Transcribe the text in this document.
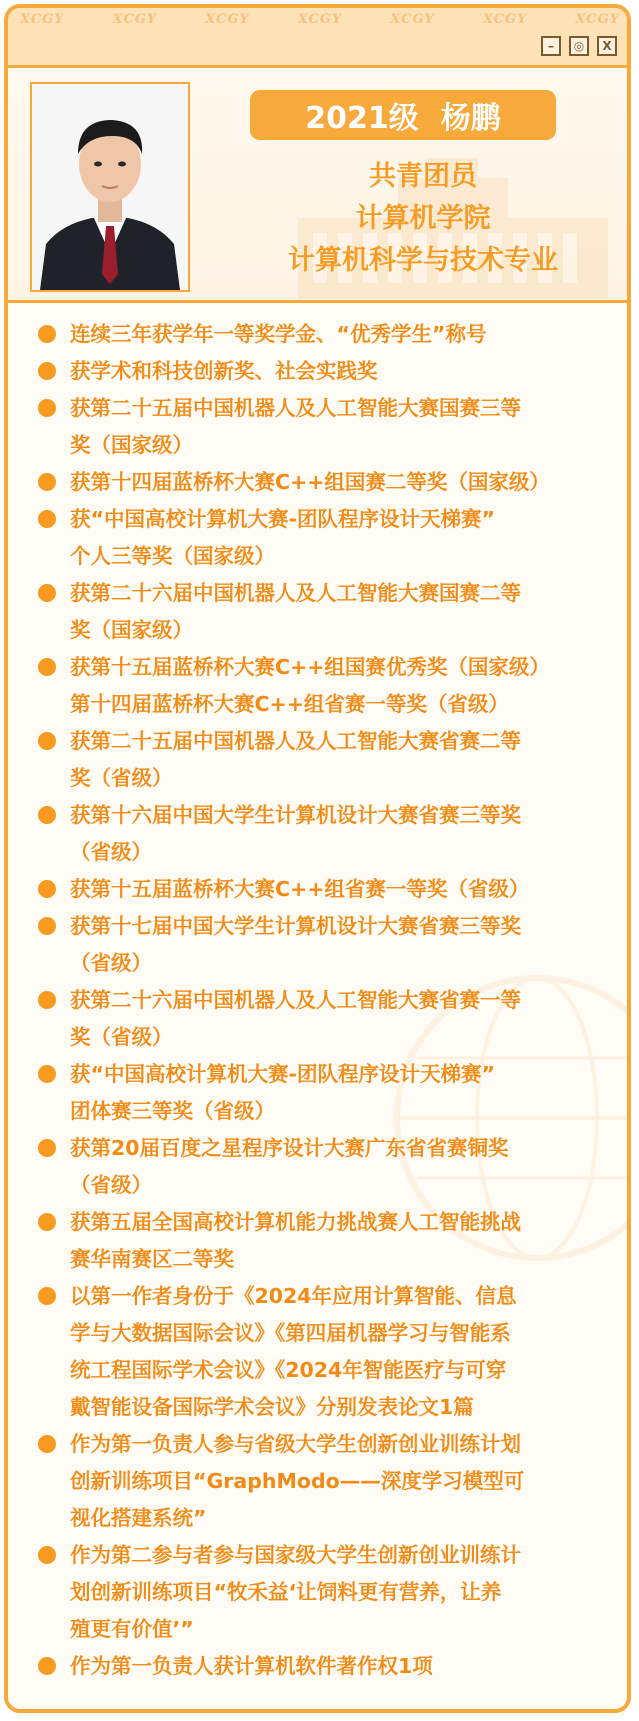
XCGY	XCGY	XCGY	XCGY	XCGY	XCGY	XCGY
–	◎	X
2021级 杨鹏
共青团员
计算机学院
计算机科学与技术专业
连续三年获学年一等奖学金、“优秀学生”称号
获学术和科技创新奖、社会实践奖
获第二十五届中国机器人及人工智能大赛国赛三等
奖（国家级）
获第十四届蓝桥杯大赛C++组国赛二等奖（国家级）
获“中国高校计算机大赛-团队程序设计天梯赛”
个人三等奖（国家级）
获第二十六届中国机器人及人工智能大赛国赛二等
奖（国家级）
获第十五届蓝桥杯大赛C++组国赛优秀奖（国家级）
第十四届蓝桥杯大赛C++组省赛一等奖（省级）
获第二十五届中国机器人及人工智能大赛省赛二等
奖（省级）
获第十六届中国大学生计算机设计大赛省赛三等奖
（省级）
获第十五届蓝桥杯大赛C++组省赛一等奖（省级）
获第十七届中国大学生计算机设计大赛省赛三等奖
（省级）
获第二十六届中国机器人及人工智能大赛省赛一等
奖（省级）
获“中国高校计算机大赛-团队程序设计天梯赛”
团体赛三等奖（省级）
获第20届百度之星程序设计大赛广东省省赛铜奖
（省级）
获第五届全国高校计算机能力挑战赛人工智能挑战
赛华南赛区二等奖
以第一作者身份于《2024年应用计算智能、信息
学与大数据国际会议》《第四届机器学习与智能系
统工程国际学术会议》《2024年智能医疗与可穿
戴智能设备国际学术会议》分别发表论文1篇
作为第一负责人参与省级大学生创新创业训练计划
创新训练项目“GraphModo——深度学习模型可
视化搭建系统”
作为第二参与者参与国家级大学生创新创业训练计
划创新训练项目“牧禾益‘让饲料更有营养，让养
殖更有价值’”
作为第一负责人获计算机软件著作权1项
